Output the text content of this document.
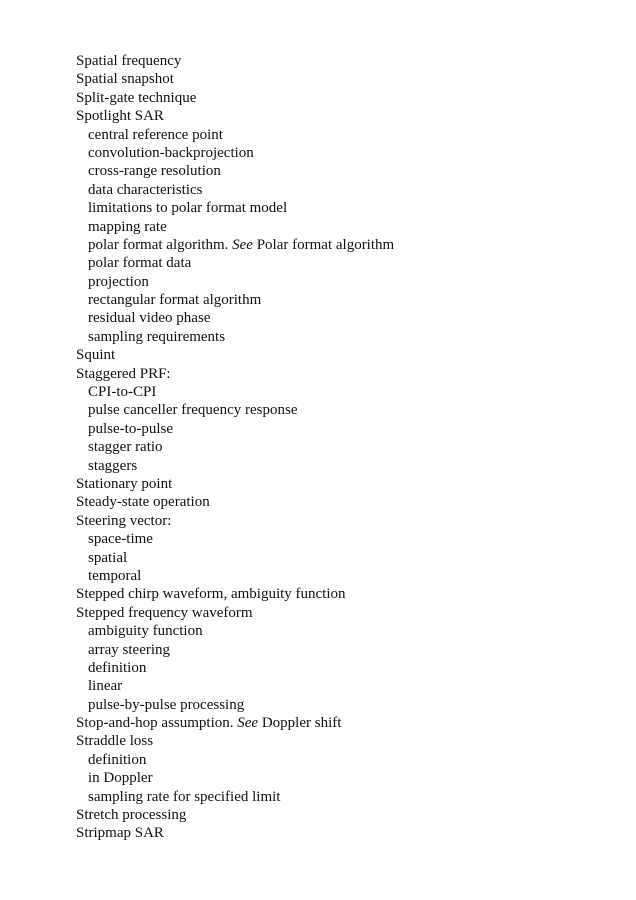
Spatial frequency
Spatial snapshot
Split-gate technique
Spotlight SAR
central reference point
convolution-backprojection
cross-range resolution
data characteristics
limitations to polar format model
mapping rate
polar format algorithm. See Polar format algorithm
polar format data
projection
rectangular format algorithm
residual video phase
sampling requirements
Squint
Staggered PRF:
CPI-to-CPI
pulse canceller frequency response
pulse-to-pulse
stagger ratio
staggers
Stationary point
Steady-state operation
Steering vector:
space-time
spatial
temporal
Stepped chirp waveform, ambiguity function
Stepped frequency waveform
ambiguity function
array steering
definition
linear
pulse-by-pulse processing
Stop-and-hop assumption. See Doppler shift
Straddle loss
definition
in Doppler
sampling rate for specified limit
Stretch processing
Stripmap SAR
